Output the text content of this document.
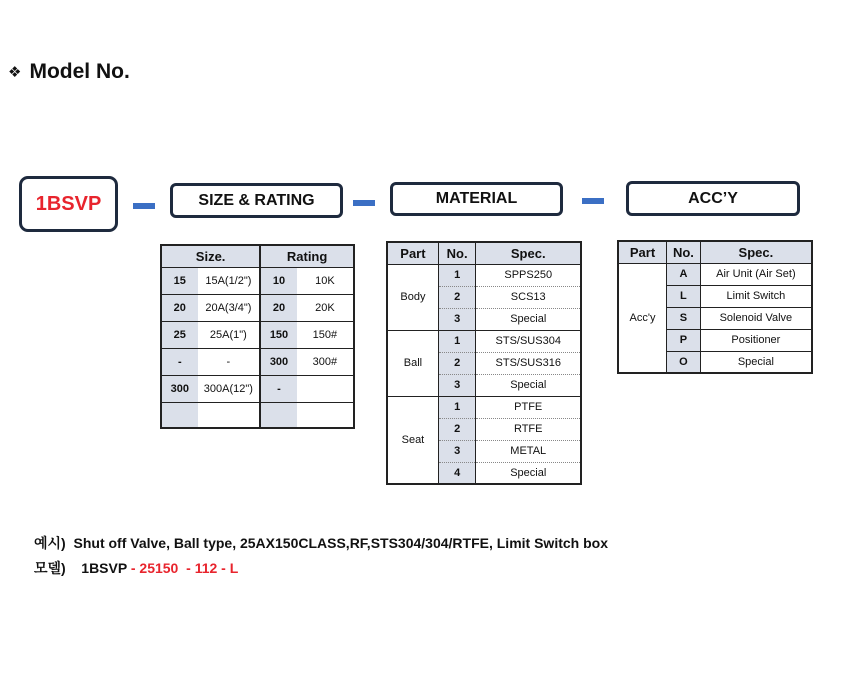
❖ Model No.
1BSVP	SIZE & RATING	MATERIAL	ACC’Y
Size.		Rating	
15	15A(1/2")	10	10K
20	20A(3/4")	20	20K
25	25A(1")	150	150#
-	-	300	300#
300	300A(12")	-	

Part	No.	Spec.
Body	1	SPPS250
	2	SCS13
	3	Special
Ball	1	STS/SUS304
	2	STS/SUS316
	3	Special
Seat	1	PTFE
	2	RTFE
	3	METAL
	4	Special
Part	No.	Spec.
Acc'y	A	Air Unit (Air Set)
	L	Limit Switch
	S	Solenoid Valve
	P	Positioner
	O	Special
예시) Shut off Valve, Ball type, 25AX150CLASS,RF,STS304/304/RTFE, Limit Switch box
모델) 1BSVP - 25150 - 112 - L
